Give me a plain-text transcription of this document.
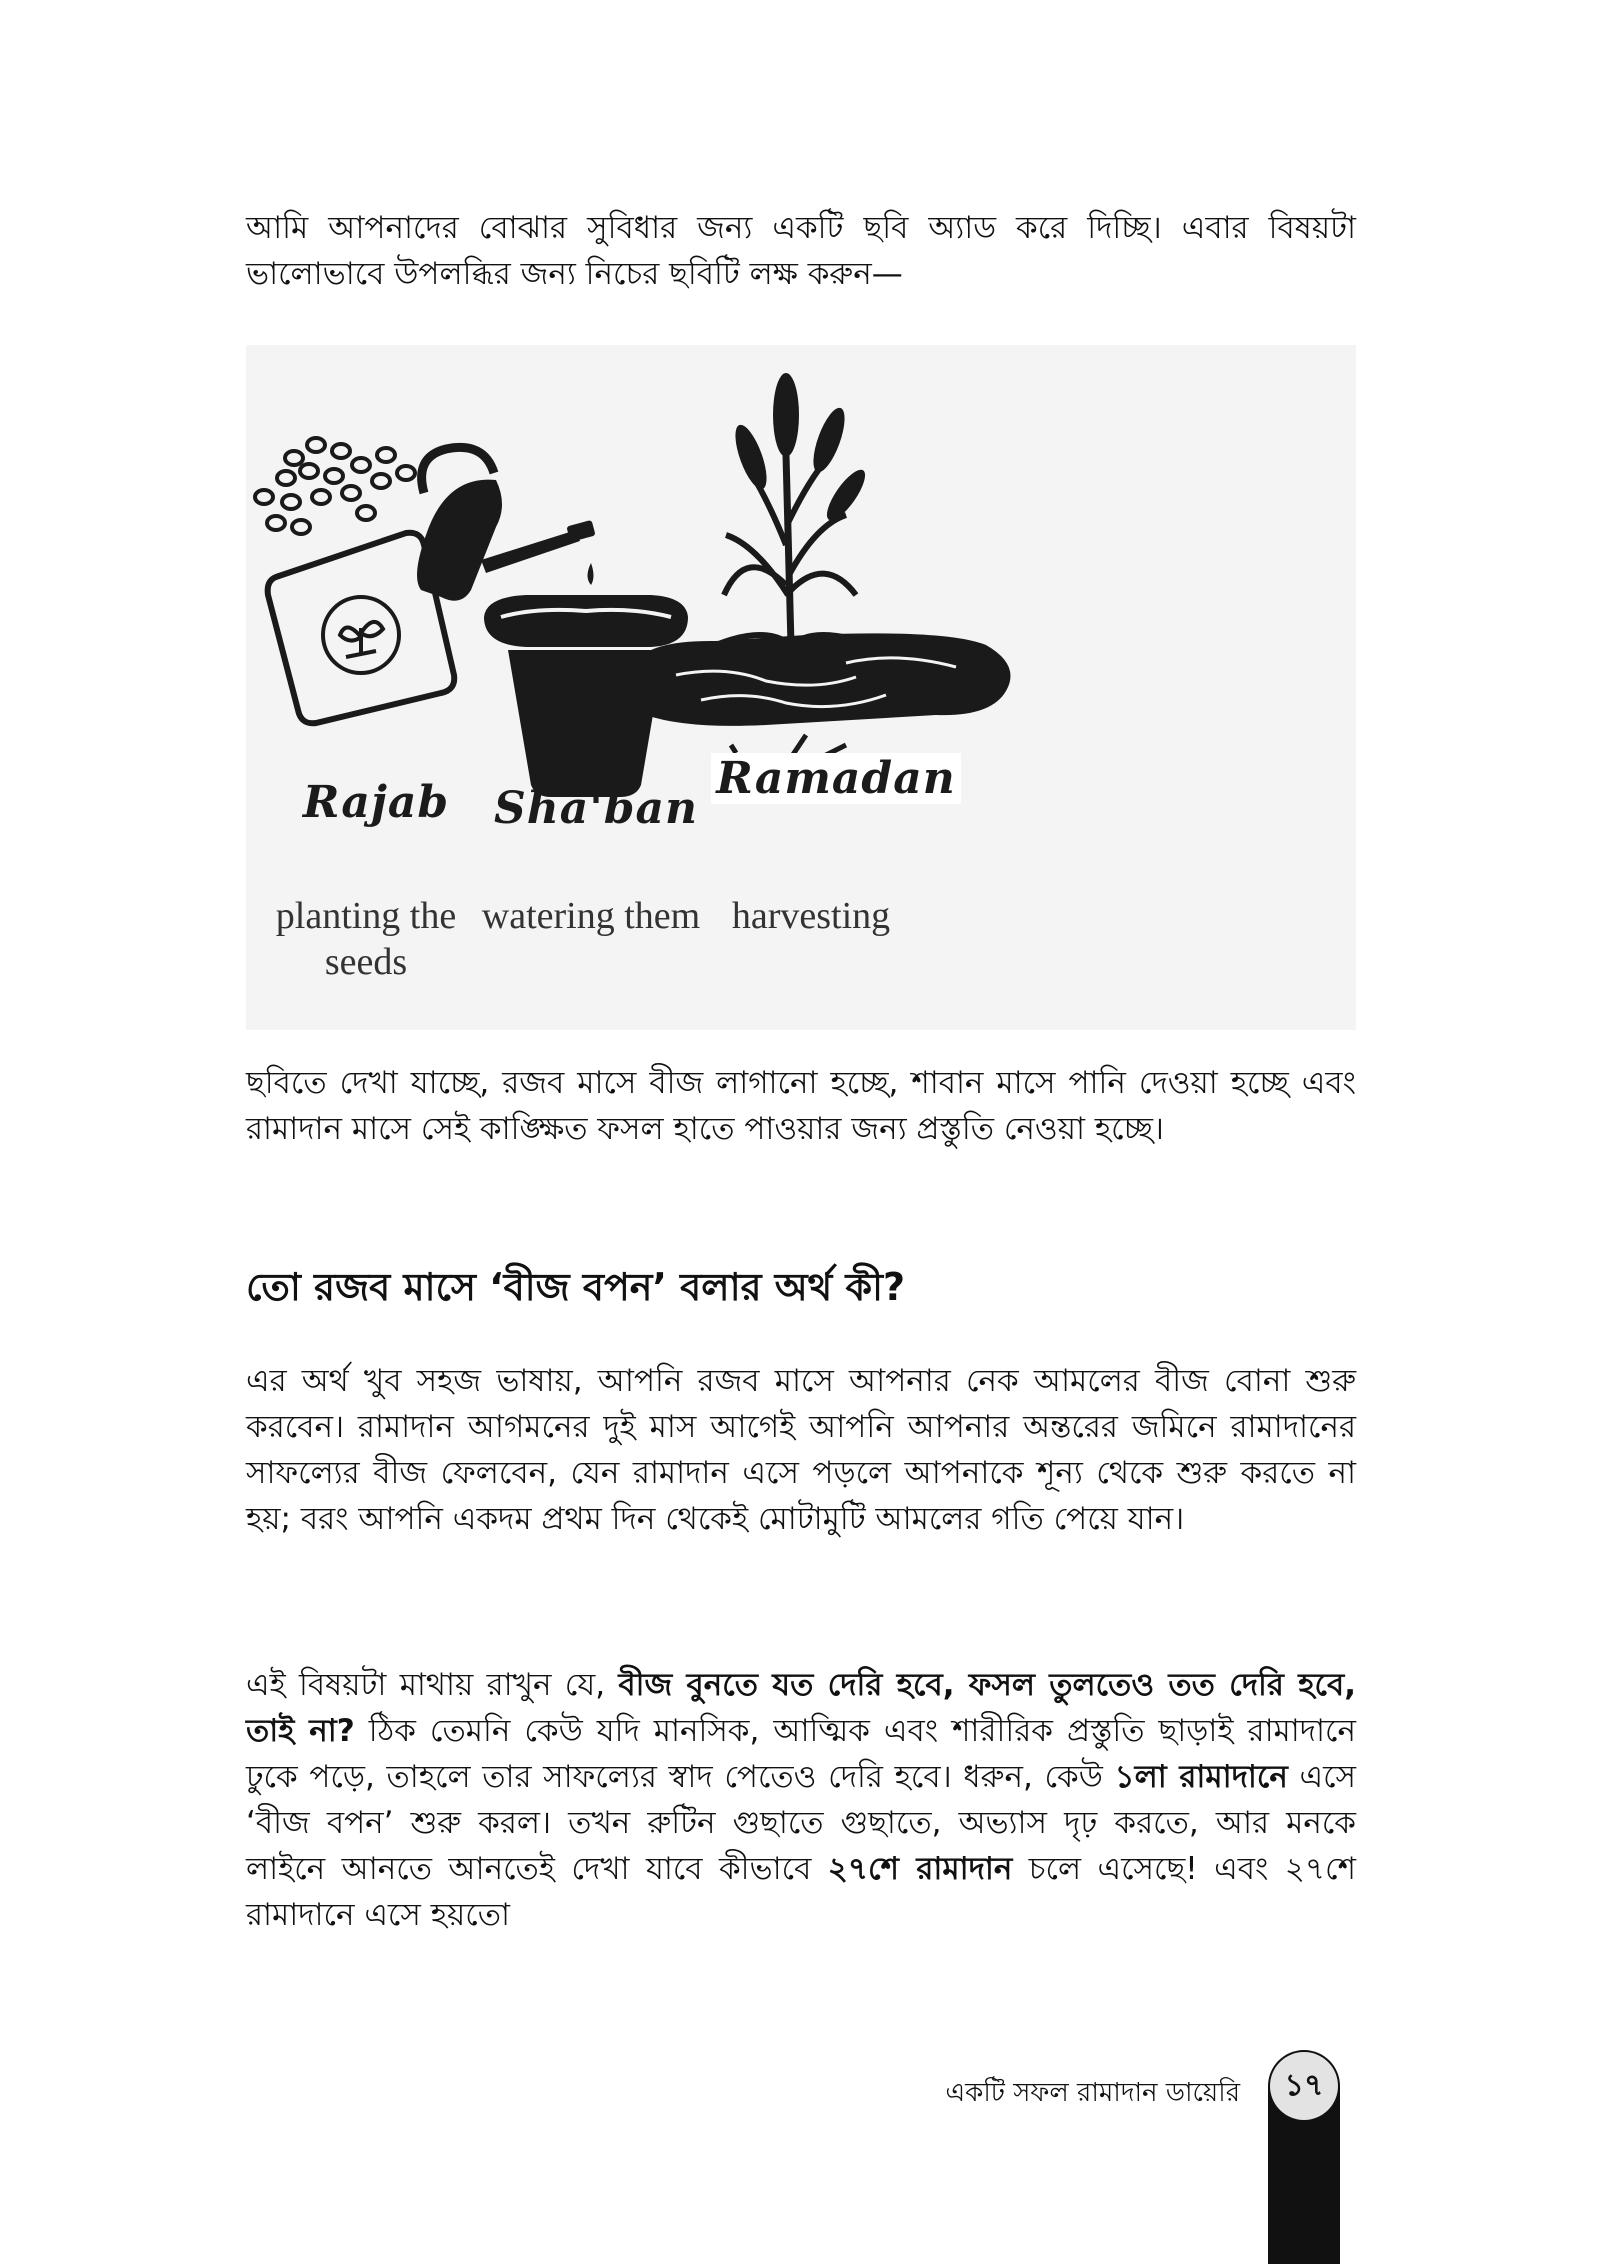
আমি আপনাদের বোঝার সুবিধার জন্য একটি ছবি অ্যাড করে দিচ্ছি। এবার বিষয়টা ভালোভাবে উপলব্ধির জন্য নিচের ছবিটি লক্ষ করুন—

Rajab	Sha'ban

Ramadan

planting the
seeds
watering them harvesting

ছবিতে দেখা যাচ্ছে, রজব মাসে বীজ লাগানো হচ্ছে, শাবান মাসে পানি দেওয়া হচ্ছে এবং রামাদান মাসে সেই কাঙ্ক্ষিত ফসল হাতে পাওয়ার জন্য প্রস্তুতি নেওয়া হচ্ছে।

তো রজব মাসে ‘বীজ বপন’ বলার অর্থ কী?

এর অর্থ খুব সহজ ভাষায়, আপনি রজব মাসে আপনার নেক আমলের বীজ বোনা শুরু করবেন। রামাদান আগমনের দুই মাস আগেই আপনি আপনার অন্তরের জমিনে রামাদানের সাফল্যের বীজ ফেলবেন, যেন রামাদান এসে পড়লে আপনাকে শূন্য থেকে শুরু করতে না হয়; বরং আপনি একদম প্রথম দিন থেকেই মোটামুটি আমলের গতি পেয়ে যান।

এই বিষয়টা মাথায় রাখুন যে, বীজ বুনতে যত দেরি হবে, ফসল তুলতেও তত দেরি হবে, তাই না? ঠিক তেমনি কেউ যদি মানসিক, আত্মিক এবং শারীরিক প্রস্তুতি ছাড়াই রামাদানে ঢুকে পড়ে, তাহলে তার সাফল্যের স্বাদ পেতেও দেরি হবে। ধরুন, কেউ ১লা রামাদানে এসে ‘বীজ বপন’ শুরু করল। তখন রুটিন গুছাতে গুছাতে, অভ্যাস দৃঢ় করতে, আর মনকে লাইনে আনতে আনতেই দেখা যাবে কীভাবে ২৭শে রামাদান চলে এসেছে! এবং ২৭শে রামাদানে এসে হয়তো

একটি সফল রামাদান ডায়েরি	১৭
